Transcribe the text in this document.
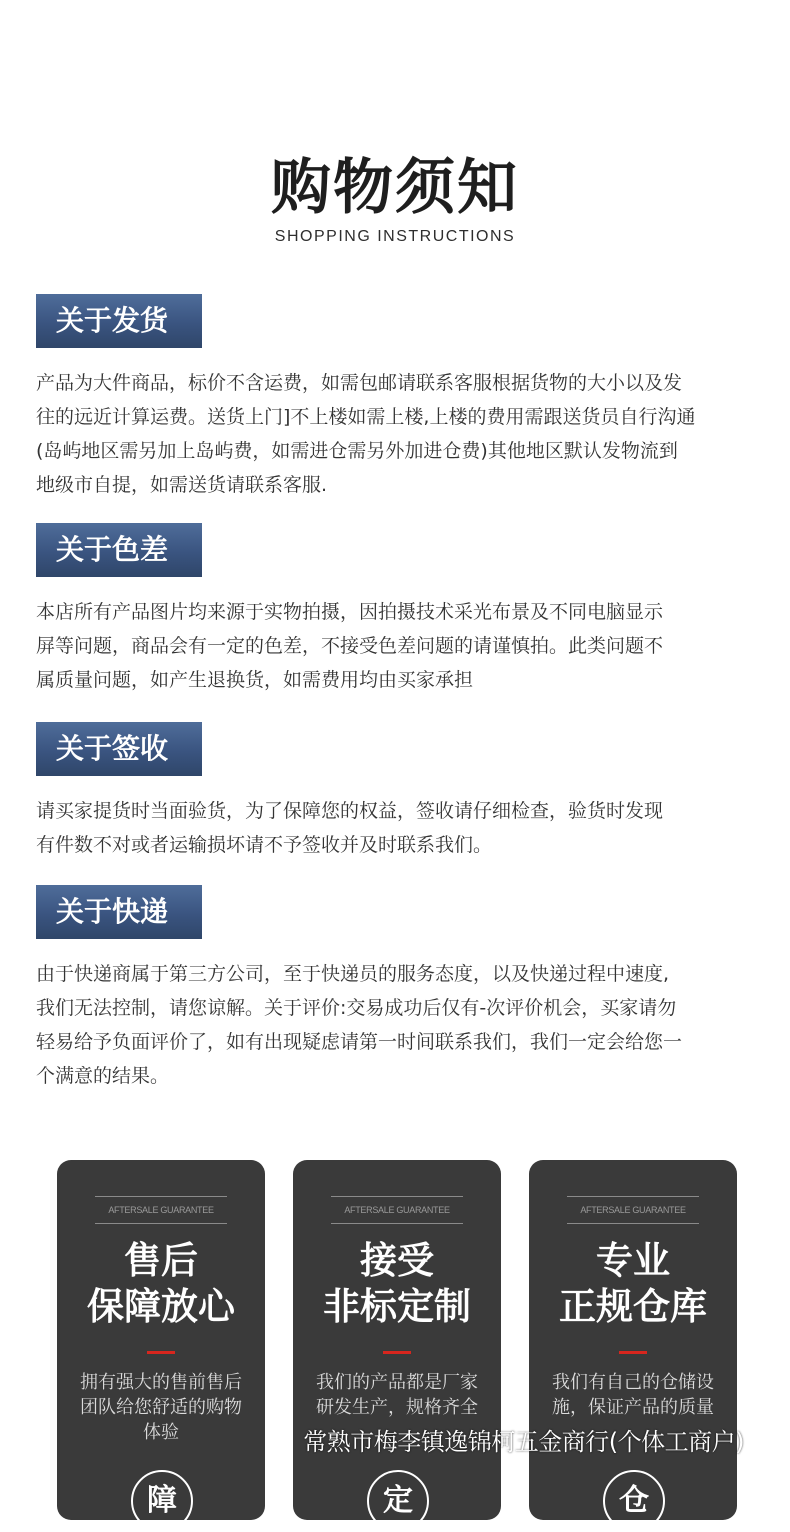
购物须知
SHOPPING INSTRUCTIONS
关于发货
产品为大件商品，标价不含运费，如需包邮请联系客服根据货物的大小以及发
往的远近计算运费。送货上门]不上楼如需上楼,上楼的费用需跟送货员自行沟通
(岛屿地区需另加上岛屿费，如需进仓需另外加进仓费)其他地区默认发物流到
地级市自提，如需送货请联系客服.
关于色差
本店所有产品图片均来源于实物拍摄，因拍摄技术采光布景及不同电脑显示
屏等问题，商品会有一定的色差，不接受色差问题的请谨慎拍。此类问题不
属质量问题，如产生退换货，如需费用均由买家承担
关于签收
请买家提货时当面验货，为了保障您的权益，签收请仔细检查，验货时发现
有件数不对或者运输损坏请不予签收并及时联系我们。
关于快递
由于快递商属于第三方公司，至于快递员的服务态度，以及快递过程中速度,
我们无法控制，请您谅解。关于评价:交易成功后仅有-次评价机会，买家请勿
轻易给予负面评价了，如有出现疑虑请第一时间联系我们，我们一定会给您一
个满意的结果。
AFTERSALE GUARANTEE
售后
保障放心
拥有强大的售前售后
团队给您舒适的购物
体验
障
AFTERSALE GUARANTEE
接受
非标定制
我们的产品都是厂家
研发生产，规格齐全
定
AFTERSALE GUARANTEE
专业
正规仓库
我们有自己的仓储设
施，保证产品的质量
仓
常熟市梅李镇逸锦柯五金商行(个体工商户)
